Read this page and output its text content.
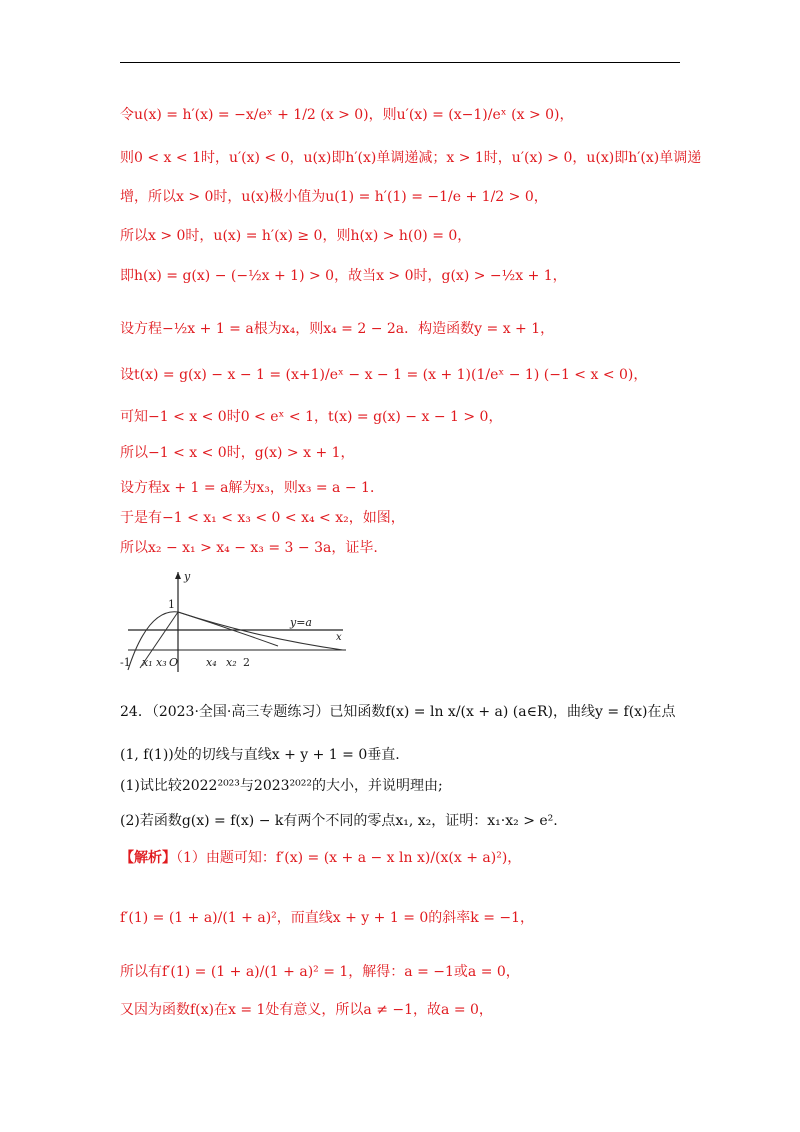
令u(x) = h′(x) = −x/eˣ + 1/2 (x > 0)，则u′(x) = (x−1)/eˣ (x > 0)，
则0 < x < 1时，u′(x) < 0，u(x)即h′(x)单调递减；x > 1时，u′(x) > 0，u(x)即h′(x)单调递
增，所以x > 0时，u(x)极小值为u(1) = h′(1) = −1/e + 1/2 > 0，
所以x > 0时，u(x) = h′(x) ≥ 0，则h(x) > h(0) = 0，
即h(x) = g(x) − (−½x + 1) > 0，故当x > 0时，g(x) > −½x + 1，
设方程−½x + 1 = a根为x₄，则x₄ = 2 − 2a．构造函数y = x + 1，
设t(x) = g(x) − x − 1 = (x+1)/eˣ − x − 1 = (x + 1)(1/eˣ − 1) (−1 < x < 0)，
可知−1 < x < 0时0 < eˣ < 1，t(x) = g(x) − x − 1 > 0，
所以−1 < x < 0时，g(x) > x + 1，
设方程x + 1 = a解为x₃，则x₃ = a − 1．
于是有−1 < x₁ < x₃ < 0 < x₄ < x₂，如图，
所以x₂ − x₁ > x₄ − x₃ = 3 − 3a，证毕.
y
x
y=a
1
-1 x₁ x₃ O	x₄ x₂ 2
24．（2023·全国·高三专题练习）已知函数f(x) = ln x/(x + a) (a∈R)，曲线y = f(x)在点
(1, f(1))处的切线与直线x + y + 1 = 0垂直.
(1)试比较2022²⁰²³与2023²⁰²²的大小，并说明理由;
(2)若函数g(x) = f(x) − k有两个不同的零点x₁, x₂，证明：x₁·x₂ > e².
【解析】（1）由题可知：f′(x) = (x + a − x ln x)/(x(x + a)²)，
f′(1) = (1 + a)/(1 + a)²，而直线x + y + 1 = 0的斜率k = −1，
所以有f′(1) = (1 + a)/(1 + a)² = 1，解得：a = −1或a = 0，
又因为函数f(x)在x = 1处有意义，所以a ≠ −1，故a = 0，
